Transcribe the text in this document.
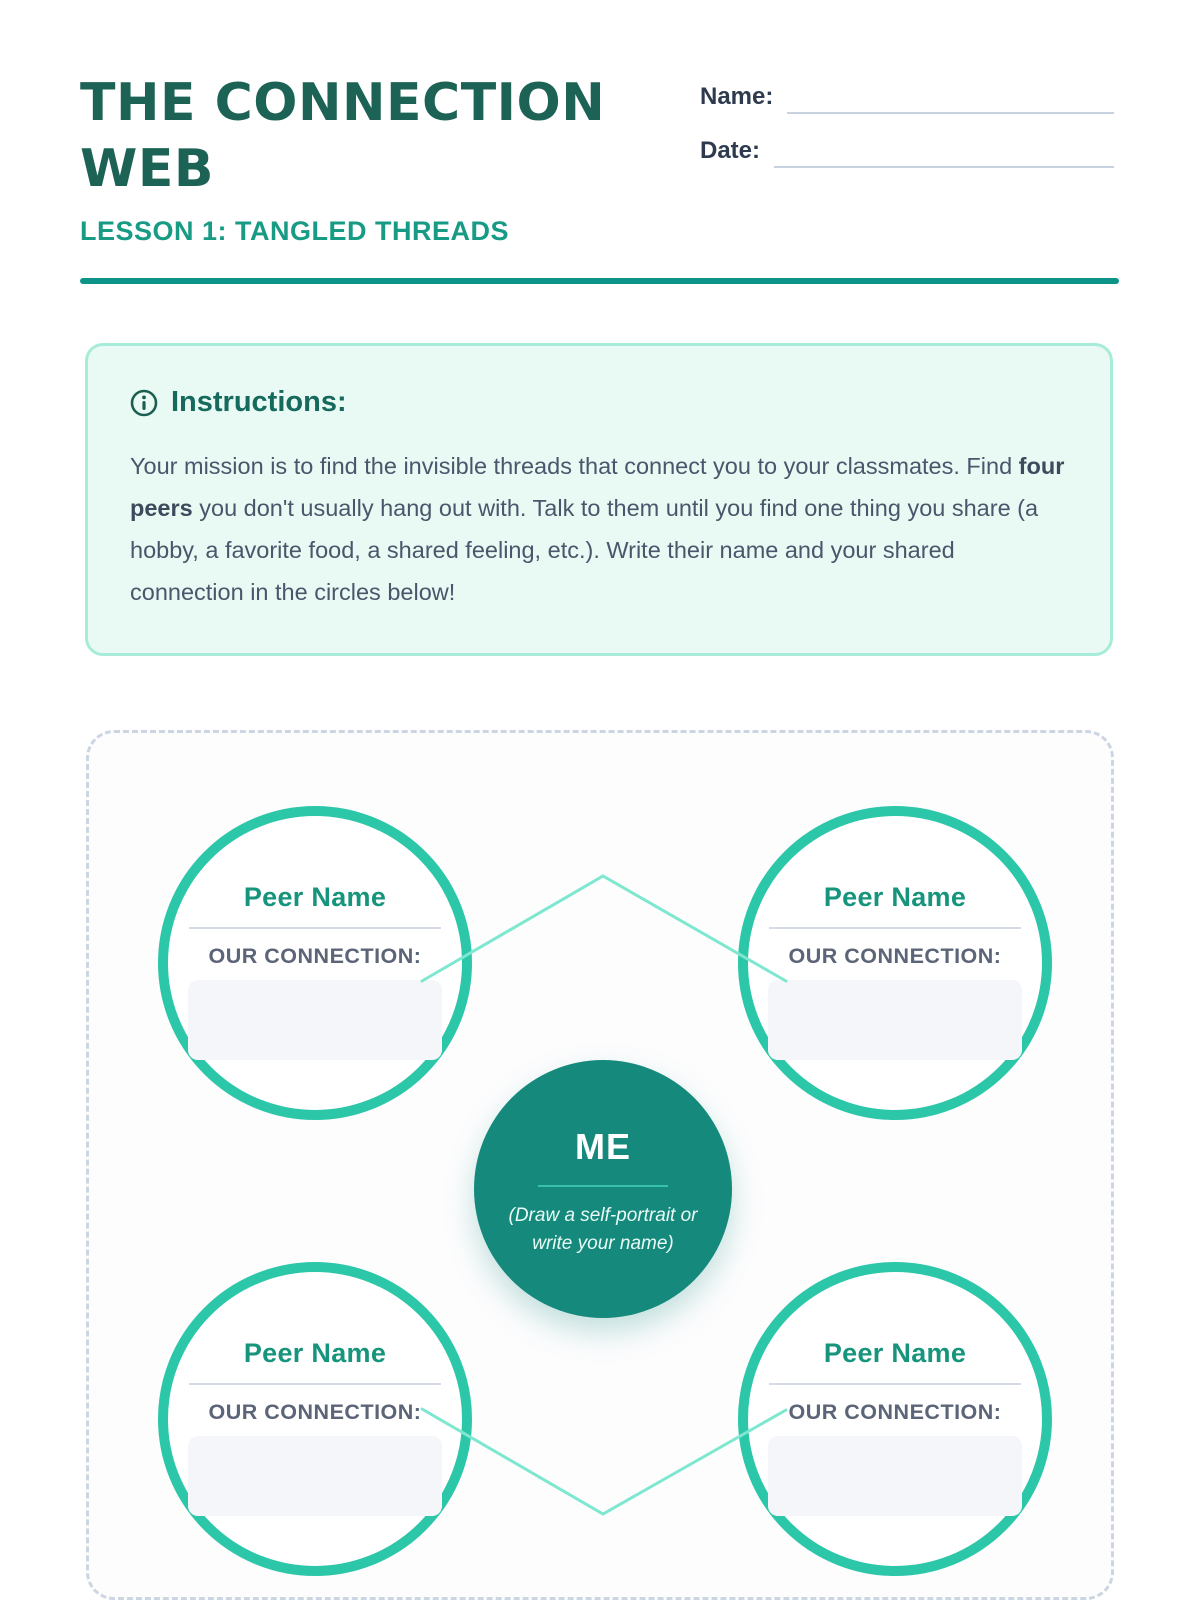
THE CONNECTION WEB
LESSON 1: TANGLED THREADS
Name:
Date:
Instructions:

Your mission is to find the invisible threads that connect you to your classmates. Find four peers you don't usually hang out with. Talk to them until you find one thing you share (a hobby, a favorite food, a shared feeling, etc.). Write their name and your shared connection in the circles below!

Peer Name
OUR CONNECTION:
Peer Name
OUR CONNECTION:
ME
(Draw a self-portrait or write your name)
Peer Name
OUR CONNECTION:
Peer Name
OUR CONNECTION:
